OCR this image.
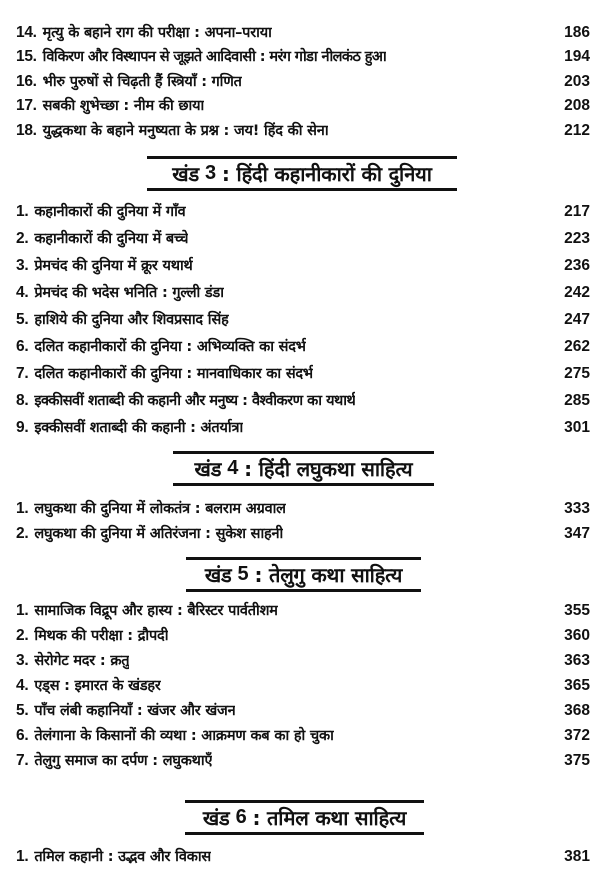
14. मृत्यु के बहाने राग की परीक्षा : अपना–पराया	186
15. विकिरण और विस्थापन से जूझते आदिवासी : मरंग गोडा नीलकंठ हुआ	194
16. भीरु पुरुषों से चिढ़ती हैं स्त्रियाँ : गणित	203
17. सबकी शुभेच्छा : नीम की छाया	208
18. युद्धकथा के बहाने मनुष्यता के प्रश्न : जय! हिंद की सेना	212
खंड 3 : हिंदी कहानीकारों की दुनिया
1. कहानीकारों की दुनिया में गाँव	217
2. कहानीकारों की दुनिया में बच्चे	223
3. प्रेमचंद की दुनिया में क्रूर यथार्थ	236
4. प्रेमचंद की भदेस भनिति : गुल्ली डंडा	242
5. हाशिये की दुनिया और शिवप्रसाद सिंह	247
6. दलित कहानीकारों की दुनिया : अभिव्यक्ति का संदर्भ	262
7. दलित कहानीकारों की दुनिया : मानवाधिकार का संदर्भ	275
8. इक्कीसवीं शताब्दी की कहानी और मनुष्य : वैश्वीकरण का यथार्थ	285
9. इक्कीसवीं शताब्दी की कहानी : अंतर्यात्रा	301
खंड 4 : हिंदी लघुकथा साहित्य
1. लघुकथा की दुनिया में लोकतंत्र : बलराम अग्रवाल	333
2. लघुकथा की दुनिया में अतिरंजना : सुकेश साहनी	347
खंड 5 : तेलुगु कथा साहित्य
1. सामाजिक विद्रूप और हास्य : बैरिस्टर पार्वतीशम	355
2. मिथक की परीक्षा : द्रौपदी	360
3. सेरोगेट मदर : क्रतु	363
4. एड्स : इमारत के खंडहर	365
5. पाँच लंबी कहानियाँ : खंजर और खंजन	368
6. तेलंगाना के किसानों की व्यथा : आक्रमण कब का हो चुका	372
7. तेलुगु समाज का दर्पण : लघुकथाएँ	375
खंड 6 : तमिल कथा साहित्य
1. तमिल कहानी : उद्भव और विकास	381
